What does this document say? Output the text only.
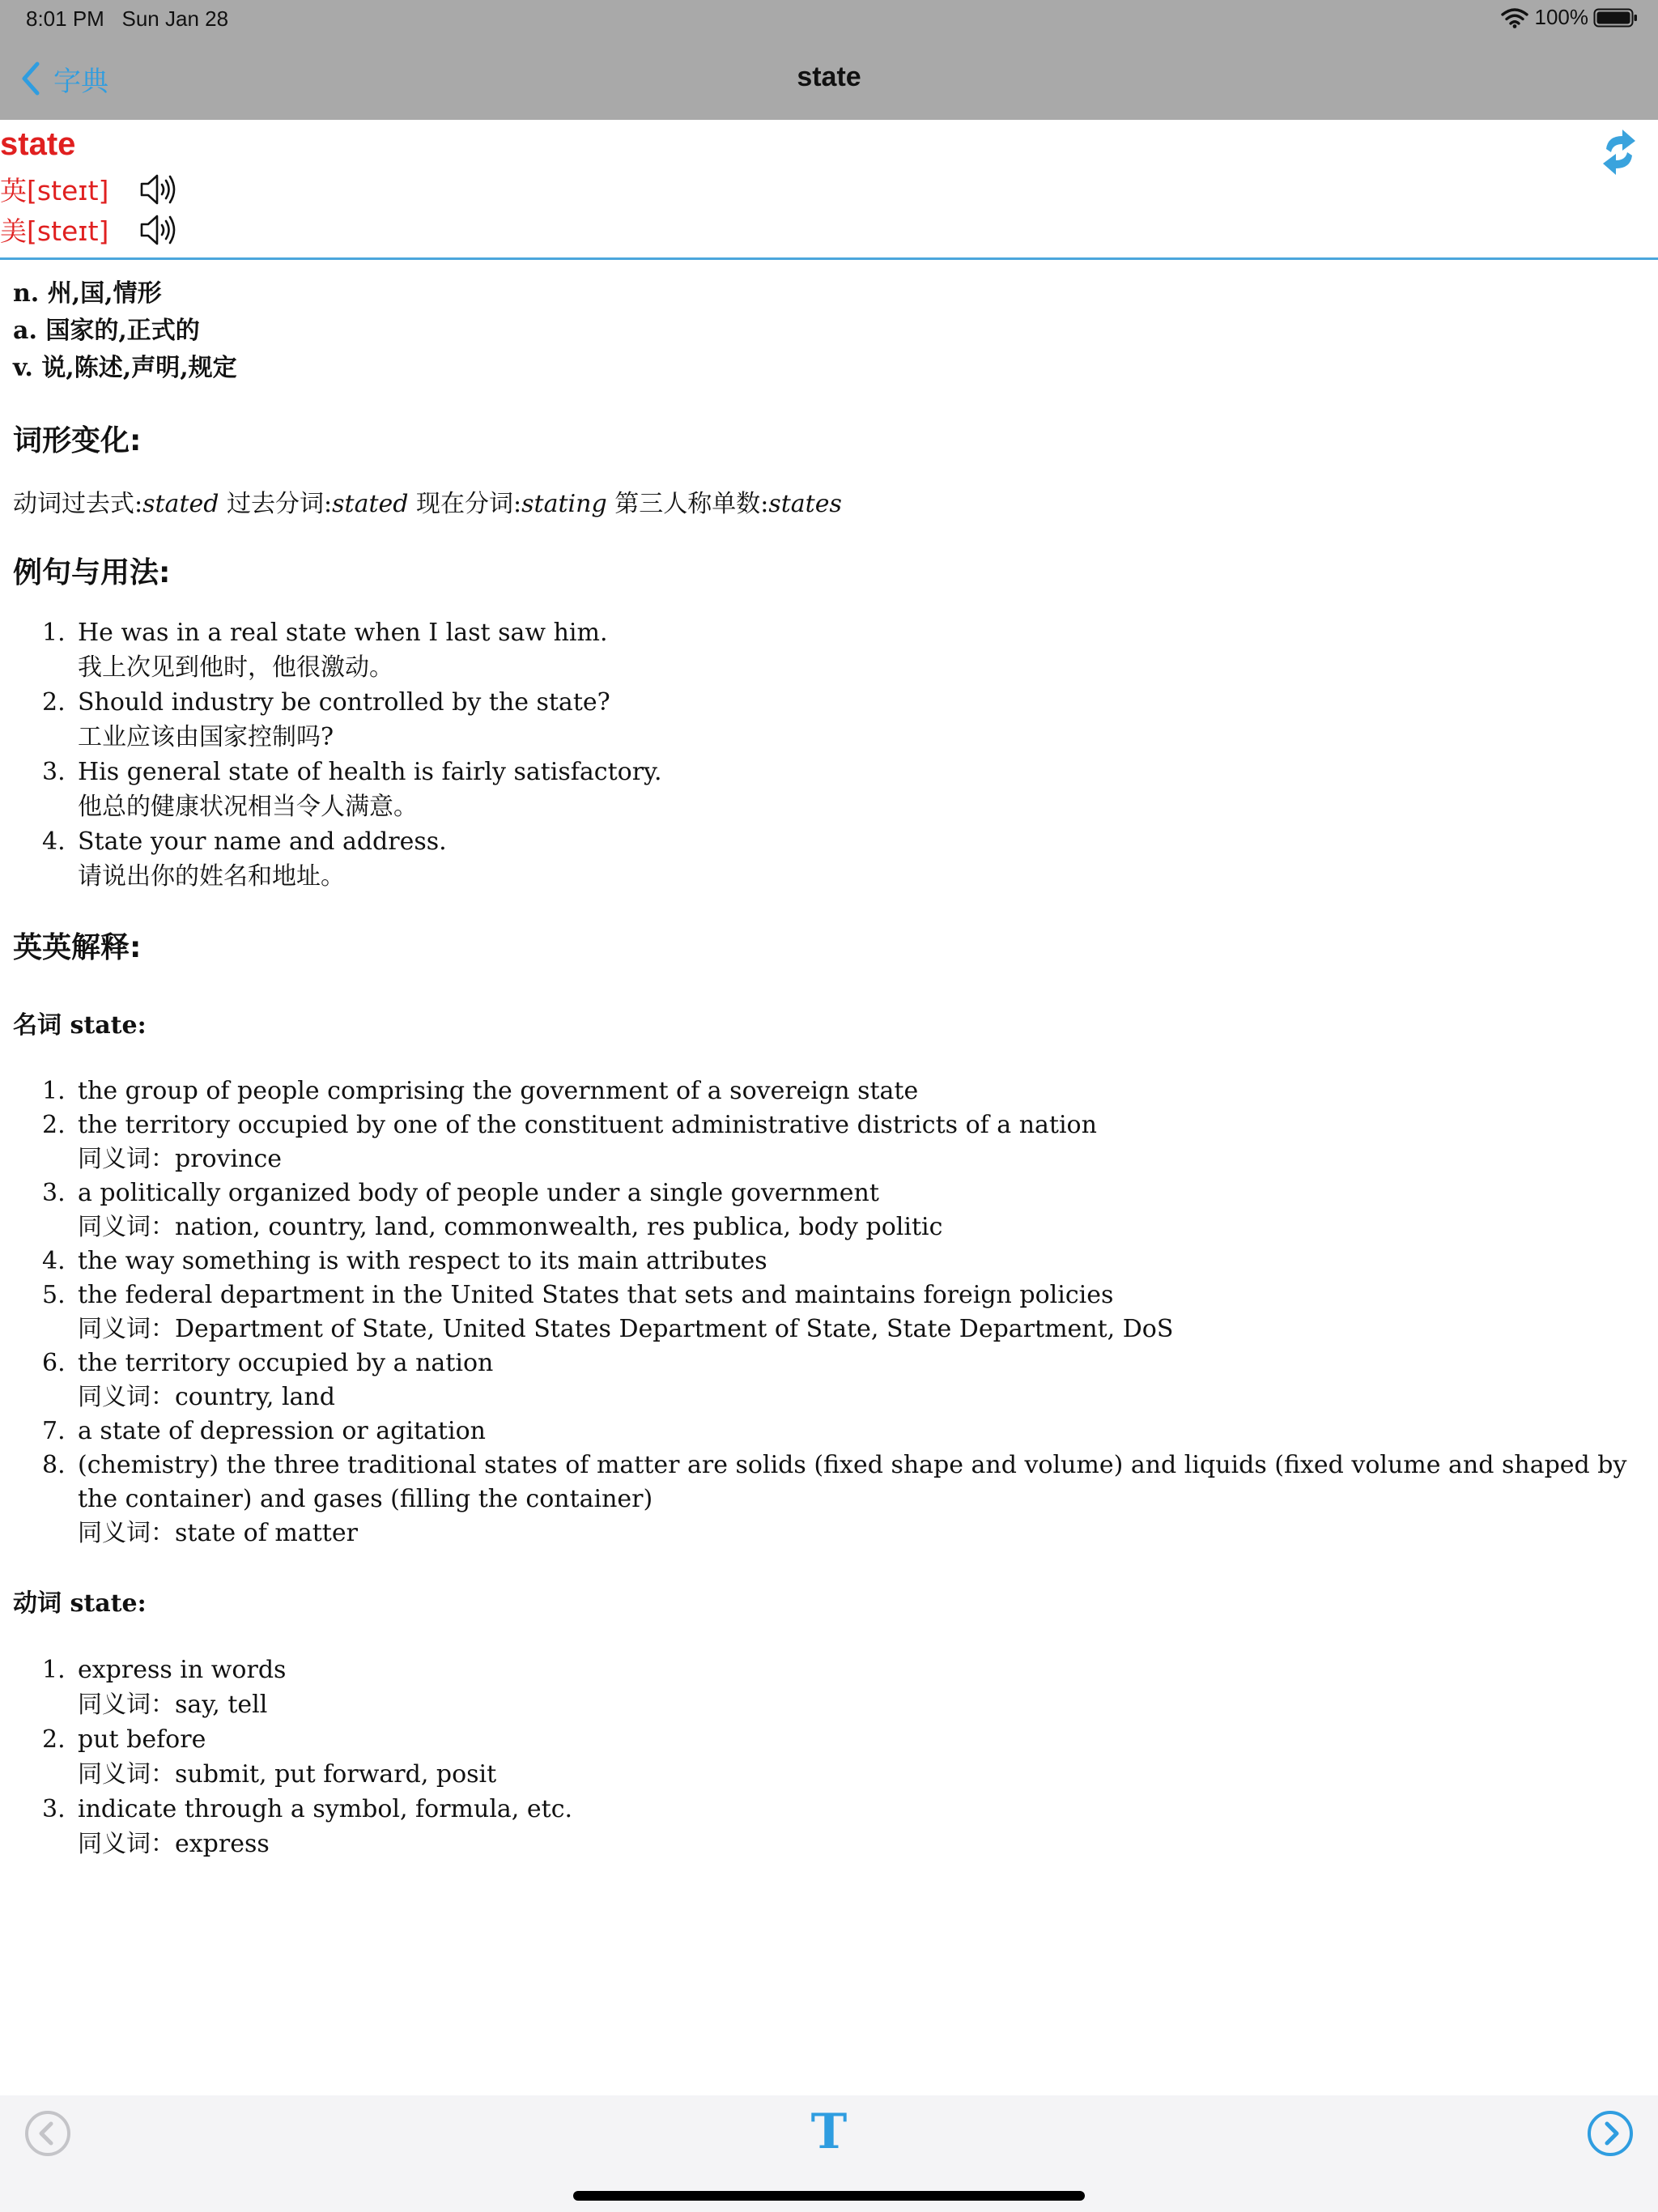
8:01 PM Sun Jan 28	100%
字典	state
state
英[steɪt]
美[steɪt]
n. 州,国,情形
a. 国家的,正式的
v. 说,陈述,声明,规定
词形变化:
动词过去式:stated 过去分词:stated 现在分词:stating 第三人称单数:states
例句与用法:
1. He was in a real state when I last saw him.
我上次见到他时，他很激动。
2. Should industry be controlled by the state?
工业应该由国家控制吗?
3. His general state of health is fairly satisfactory.
他总的健康状况相当令人满意。
4. State your name and address.
请说出你的姓名和地址。
英英解释:
名词 state:
1. the group of people comprising the government of a sovereign state
2. the territory occupied by one of the constituent administrative districts of a nation
同义词：province
3. a politically organized body of people under a single government
同义词：nation, country, land, commonwealth, res publica, body politic
4. the way something is with respect to its main attributes
5. the federal department in the United States that sets and maintains foreign policies
同义词：Department of State, United States Department of State, State Department, DoS
6. the territory occupied by a nation
同义词：country, land
7. a state of depression or agitation
8. (chemistry) the three traditional states of matter are solids (fixed shape and volume) and liquids (fixed volume and shaped by the container) and gases (filling the container)
同义词：state of matter
动词 state:
1. express in words
同义词：say, tell
2. put before
同义词：submit, put forward, posit
3. indicate through a symbol, formula, etc.
同义词：express
T
